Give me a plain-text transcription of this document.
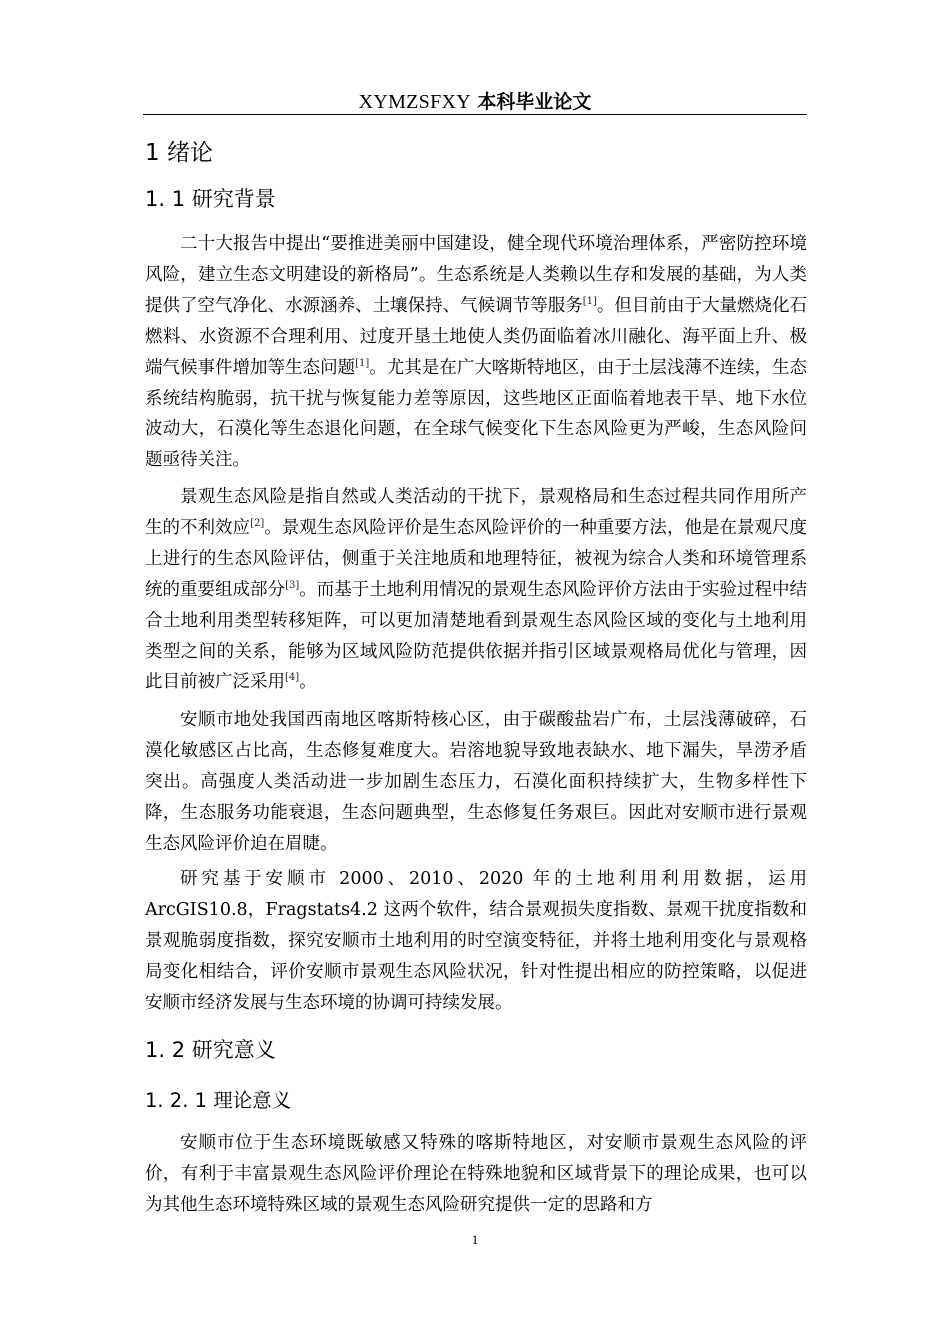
XYMZSFXY 本科毕业论文
1 绪论
1. 1 研究背景

二十大报告中提出“要推进美丽中国建设，健全现代环境治理体系，严密防控环境风险，建立生态文明建设的新格局”。生态系统是人类赖以生存和发展的基础，为人类提供了空气净化、水源涵养、土壤保持、气候调节等服务[1]。但目前由于大量燃烧化石燃料、水资源不合理利用、过度开垦土地使人类仍面临着冰川融化、海平面上升、极端气候事件增加等生态问题[1]。尤其是在广大喀斯特地区，由于土层浅薄不连续，生态系统结构脆弱，抗干扰与恢复能力差等原因，这些地区正面临着地表干旱、地下水位波动大，石漠化等生态退化问题，在全球气候变化下生态风险更为严峻，生态风险问题亟待关注。

景观生态风险是指自然或人类活动的干扰下，景观格局和生态过程共同作用所产生的不利效应[2]。景观生态风险评价是生态风险评价的一种重要方法，他是在景观尺度上进行的生态风险评估，侧重于关注地质和地理特征，被视为综合人类和环境管理系统的重要组成部分[3]。而基于土地利用情况的景观生态风险评价方法由于实验过程中结合土地利用类型转移矩阵，可以更加清楚地看到景观生态风险区域的变化与土地利用类型之间的关系，能够为区域风险防范提供依据并指引区域景观格局优化与管理，因此目前被广泛采用[4]。

安顺市地处我国西南地区喀斯特核心区，由于碳酸盐岩广布，土层浅薄破碎，石漠化敏感区占比高，生态修复难度大。岩溶地貌导致地表缺水、地下漏失，旱涝矛盾突出。高强度人类活动进一步加剧生态压力，石漠化面积持续扩大，生物多样性下降，生态服务功能衰退，生态问题典型，生态修复任务艰巨。因此对安顺市进行景观生态风险评价迫在眉睫。

研究基于安顺市 2000、2010、2020 年的土地利用利用数据，运用 ArcGIS10.8，Fragstats4.2 这两个软件，结合景观损失度指数、景观干扰度指数和景观脆弱度指数，探究安顺市土地利用的时空演变特征，并将土地利用变化与景观格局变化相结合，评价安顺市景观生态风险状况，针对性提出相应的防控策略，以促进安顺市经济发展与生态环境的协调可持续发展。

1. 2 研究意义
1. 2. 1 理论意义

安顺市位于生态环境既敏感又特殊的喀斯特地区，对安顺市景观生态风险的评价，有利于丰富景观生态风险评价理论在特殊地貌和区域背景下的理论成果，也可以为其他生态环境特殊区域的景观生态风险研究提供一定的思路和方

1
